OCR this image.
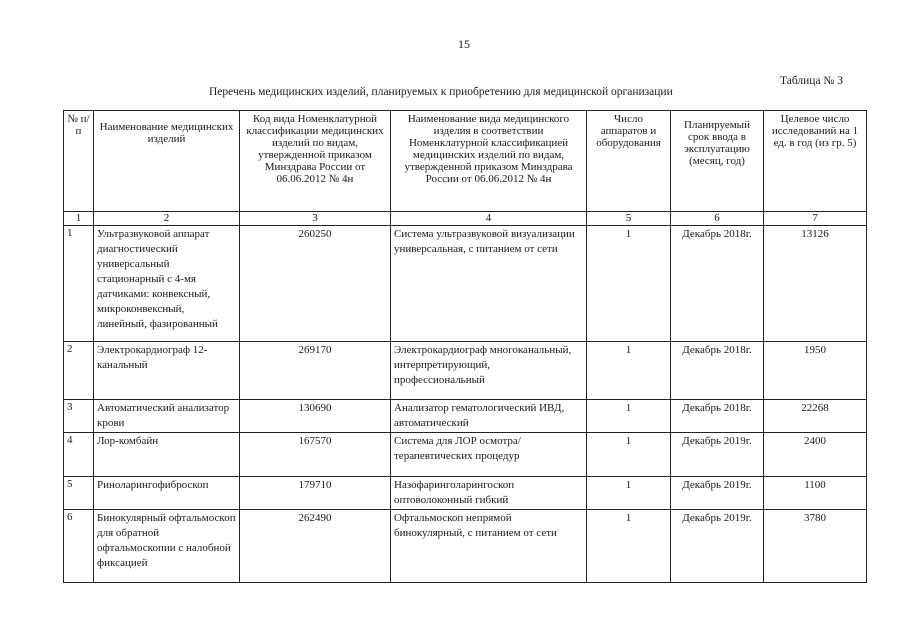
15
Таблица № 3
Перечень медицинских изделий, планируемых к приобретению для медицинской организации
№ п/п	Наименование медицинских изделий	Код вида Номенклатурной классификации медицинских изделий по видам, утвержденной приказом Минздрава России от 06.06.2012 № 4н	Наименование вида медицинского изделия в соответствии Номенклатурной классификацией медицинских изделий по видам, утвержденной приказом Минздрава России от 06.06.2012 № 4н	Число аппаратов и оборудования	Планируемый срок ввода в эксплуатацию (месяц, год)	Целевое число исследований на 1 ед. в год (из гр. 5)
1	2	3	4	5	6	7
1	Ультразвуковой аппарат диагностический универсальный стационарный с 4-мя датчиками: конвексный, микроконвексный, линейный, фазированный	260250	Система ультразвуковой визуализации универсальная, с питанием от сети	1	Декабрь 2018г.	13126
2	Электрокардиограф 12-канальный	269170	Электрокардиограф многоканальный, интерпретирующий, профессиональный	1	Декабрь 2018г.	1950
3	Автоматический анализатор крови	130690	Анализатор гематологический ИВД, автоматический	1	Декабрь 2018г.	22268
4	Лор-комбайн	167570	Система для ЛОР осмотра/терапевтических процедур	1	Декабрь 2019г.	2400
5	Риноларингофиброскоп	179710	Назофаринголарингоскоп оптоволоконный гибкий	1	Декабрь 2019г.	1100
6	Бинокулярный офтальмоскоп для обратной офтальмоскопии с налобной фиксацией	262490	Офтальмоскоп непрямой бинокулярный, с питанием от сети	1	Декабрь 2019г.	3780
